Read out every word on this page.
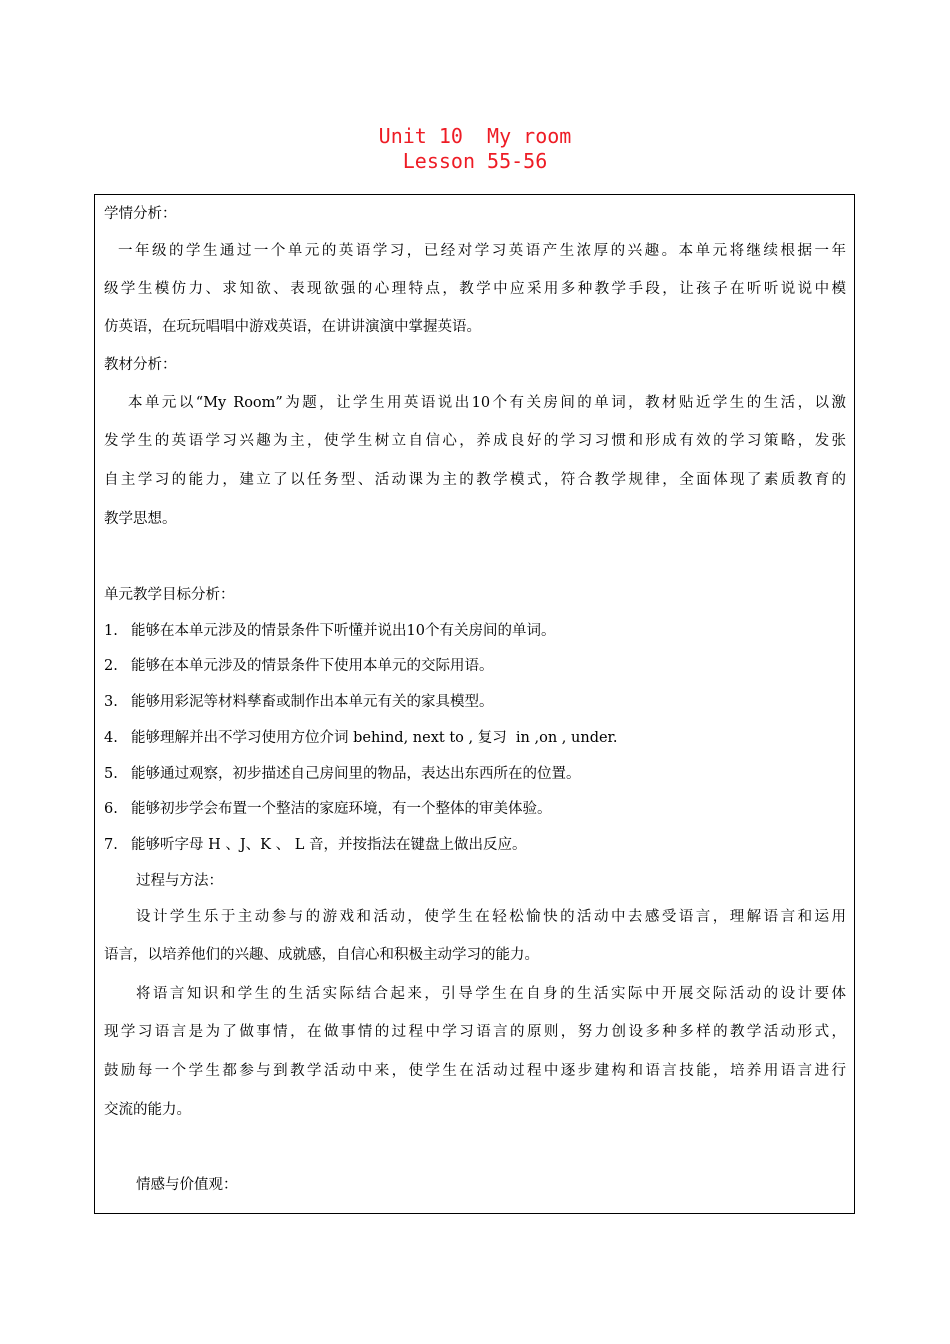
Unit 10  My room
Lesson 55-56
学情分析：
一年级的学生通过一个单元的英语学习，已经对学习英语产生浓厚的兴趣。本单元将继续根据一年
级学生模仿力、求知欲、表现欲强的心理特点，教学中应采用多种教学手段，让孩子在听听说说中模
仿英语，在玩玩唱唱中游戏英语，在讲讲演演中掌握英语。
教材分析：
本单元以“My Room”为题，让学生用英语说出10个有关房间的单词，教材贴近学生的生活，以激
发学生的英语学习兴趣为主，使学生树立自信心，养成良好的学习习惯和形成有效的学习策略，发张
自主学习的能力，建立了以任务型、活动课为主的教学模式，符合教学规律，全面体现了素质教育的
教学思想。
单元教学目标分析：
1. 能够在本单元涉及的情景条件下听懂并说出10个有关房间的单词。
2. 能够在本单元涉及的情景条件下使用本单元的交际用语。
3. 能够用彩泥等材料孳畜或制作出本单元有关的家具模型。
4. 能够理解并出不学习使用方位介词 behind, next to , 复习  in ,on , under.
5. 能够通过观察，初步描述自己房间里的物品，表达出东西所在的位置。
6. 能够初步学会布置一个整洁的家庭环境，有一个整体的审美体验。
7. 能够听字母 H 、J、K 、 L 音，并按指法在键盘上做出反应。
过程与方法：
设计学生乐于主动参与的游戏和活动，使学生在轻松愉快的活动中去感受语言，理解语言和运用
语言，以培养他们的兴趣、成就感，自信心和积极主动学习的能力。
将语言知识和学生的生活实际结合起来，引导学生在自身的生活实际中开展交际活动的设计要体
现学习语言是为了做事情，在做事情的过程中学习语言的原则，努力创设多种多样的教学活动形式，
鼓励每一个学生都参与到教学活动中来，使学生在活动过程中逐步建构和语言技能，培养用语言进行
交流的能力。
情感与价值观：
